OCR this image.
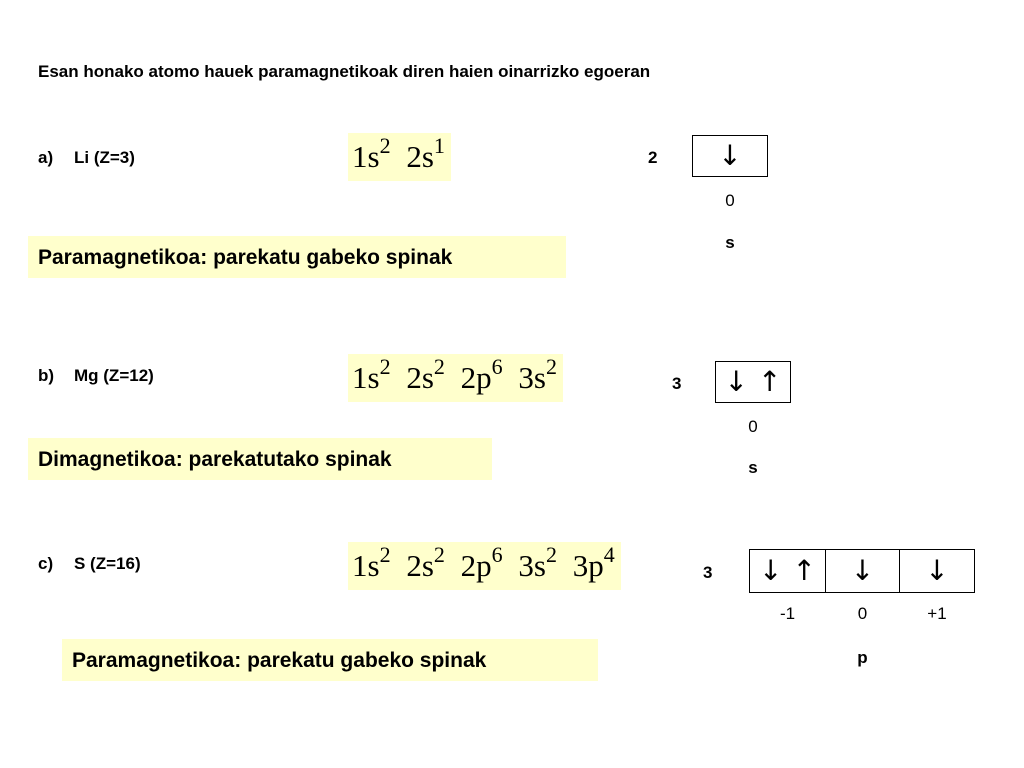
Esan honako atomo hauek paramagnetikoak diren haien oinarrizko egoeran
a) Li (Z=3)	$1s^2$ $2s^1$	2 ↓
0
s
Paramagnetikoa: parekatu gabeko spinak
b) Mg (Z=12)	$1s^2$ $2s^2$ $2p^6$ $3s^2$
3 ↓ ↑
0
s
Dimagnetikoa: parekatutako spinak
c) S (Z=16)	$1s^2$ $2s^2$ $2p^6$ $3s^2$ $3p^4$
3 ↓ ↑ ↓ ↓
-1	0	+1
p
Paramagnetikoa: parekatu gabeko spinak
